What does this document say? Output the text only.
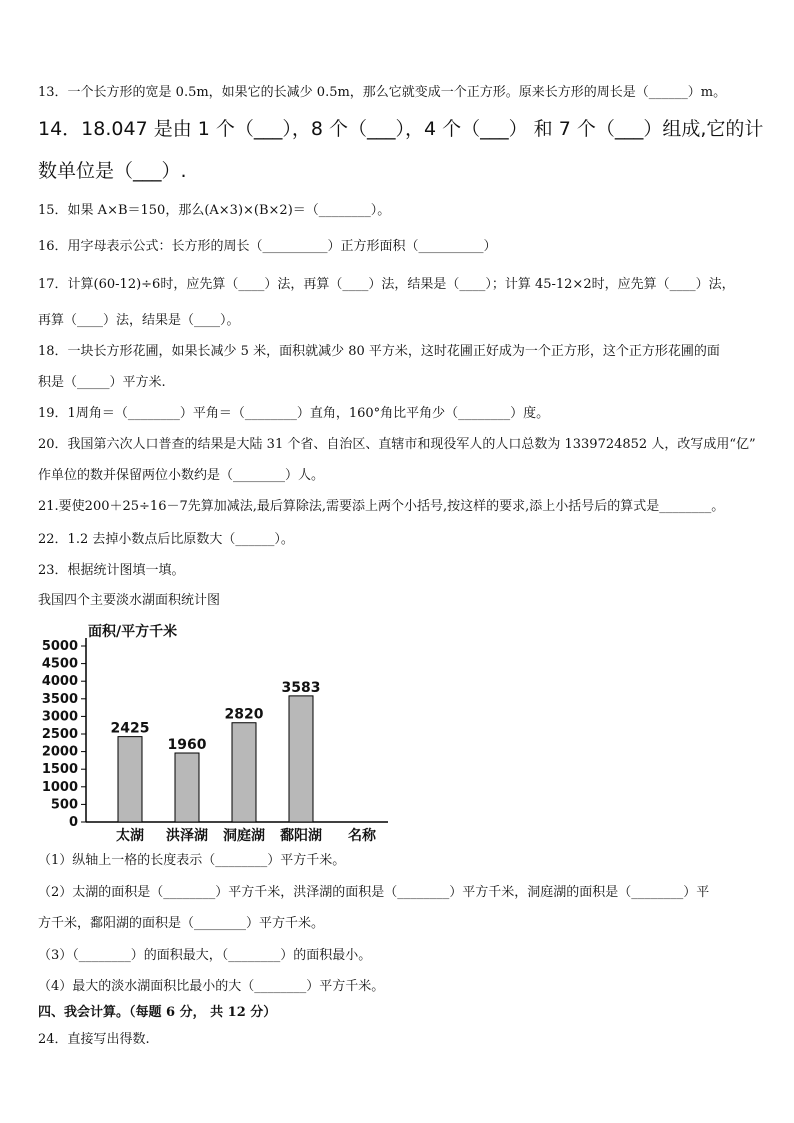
13．一个长方形的宽是 0.5m，如果它的长减少 0.5m，那么它就变成一个正方形。原来长方形的周长是（______）m。
14．18.047 是由 1 个（___），8 个（___），4 个（___） 和 7 个（___）组成,它的计
数单位是（___）.
15．如果 A×B＝150，那么(A×3)×(B×2)＝（________）。
16．用字母表示公式：长方形的周长（__________）正方形面积（__________）
17．计算(60-12)÷6时，应先算（____）法，再算（____）法，结果是（____）；计算 45-12×2时，应先算（____）法，
再算（____）法，结果是（____）。
18．一块长方形花圃，如果长减少 5 米，面积就减少 80 平方米，这时花圃正好成为一个正方形，这个正方形花圃的面
积是（_____）平方米.
19．1周角＝（________）平角＝（________）直角，160°角比平角少（________）度。
20．我国第六次人口普查的结果是大陆 31 个省、自治区、直辖市和现役军人的人口总数为 1339724852 人，改写成用“亿”
作单位的数并保留两位小数约是（________）人。
21.要使200＋25÷16－7先算加减法,最后算除法,需要添上两个小括号,按这样的要求,添上小括号后的算式是________。
22．1.2 去掉小数点后比原数大（______）。
23．根据统计图填一填。
我国四个主要淡水湖面积统计图
0
500
1000
1500
2000
2500
3000
3500
4000
4500
5000
面积/平方千米
2425
太湖
1960
洪泽湖
2820
洞庭湖
3583
鄱阳湖 名称
（1）纵轴上一格的长度表示（________）平方千米。
（2）太湖的面积是（________）平方千米，洪泽湖的面积是（________）平方千米，洞庭湖的面积是（________）平
方千米，鄱阳湖的面积是（________）平方千米。
（3）（________）的面积最大，（________）的面积最小。
（4）最大的淡水湖面积比最小的大（________）平方千米。
四、我会计算。（每题 6 分， 共 12 分）
24．直接写出得数.
